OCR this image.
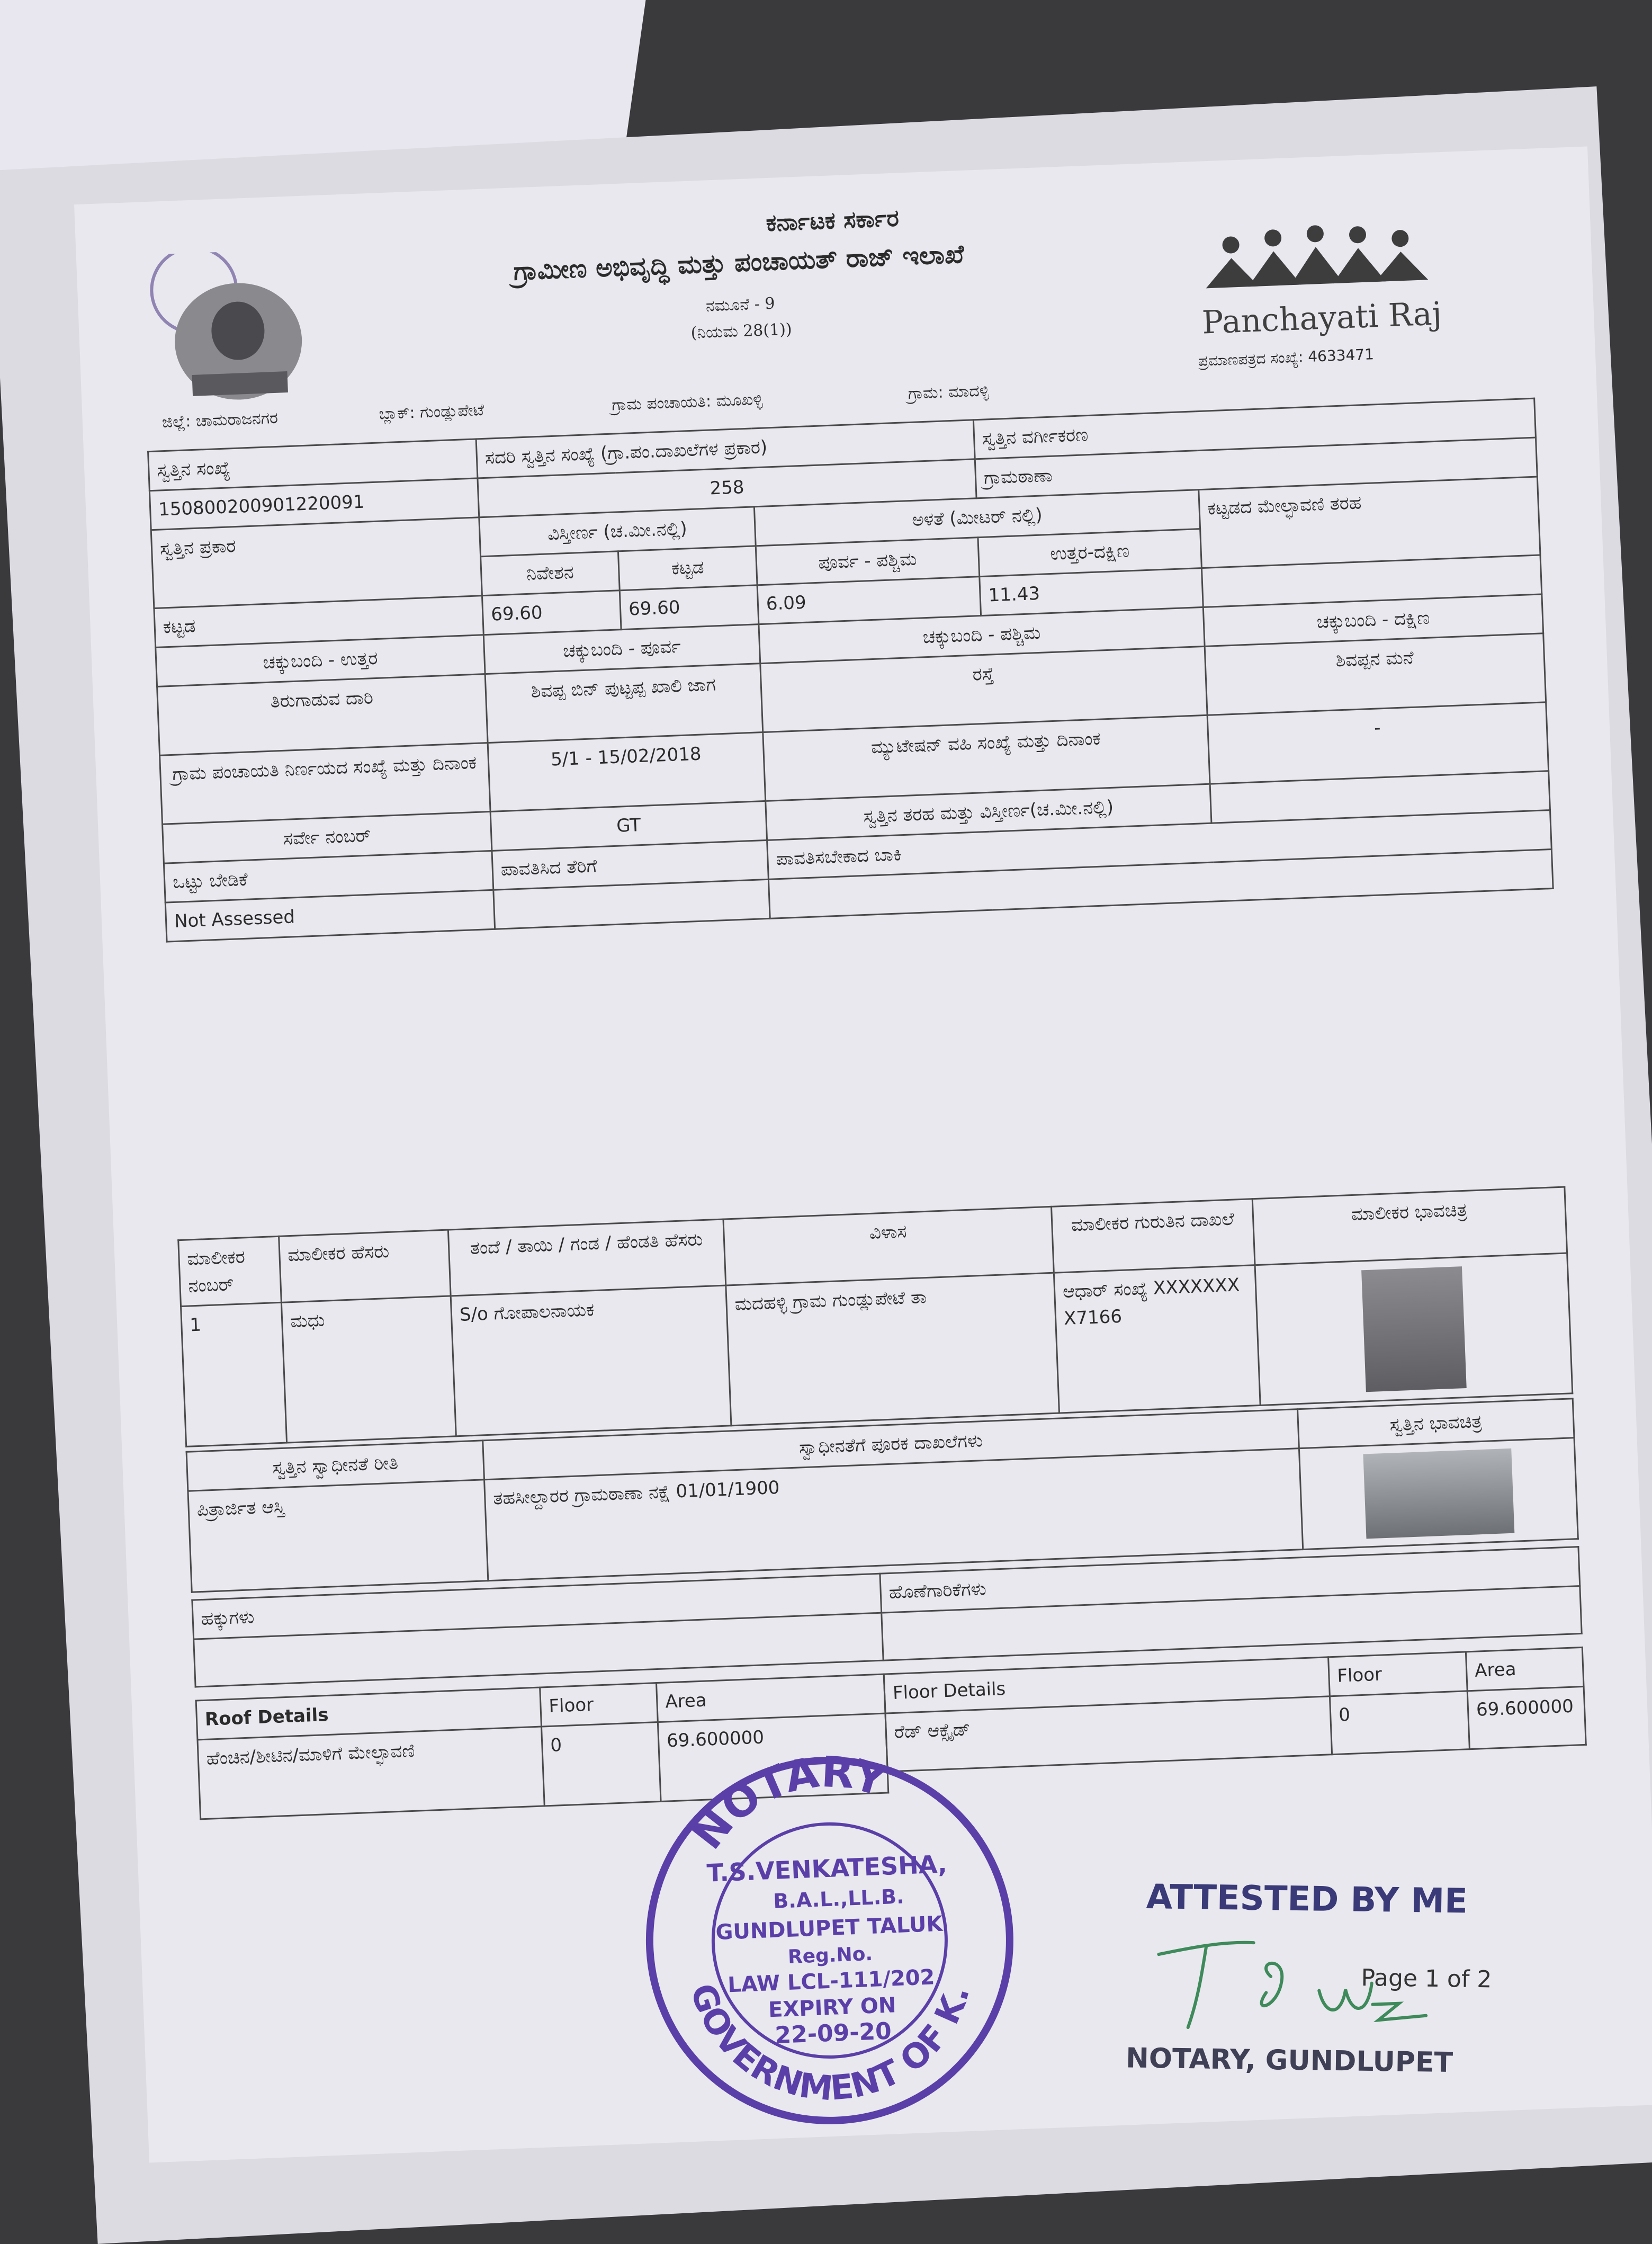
ಕರ್ನಾಟಕ ಸರ್ಕಾರ
ಗ್ರಾಮೀಣ ಅಭಿವೃದ್ಧಿ ಮತ್ತು ಪಂಚಾಯತ್ ರಾಜ್ ಇಲಾಖೆ
ನಮೂನೆ - 9
(ನಿಯಮ 28(1))	Panchayati Raj
ಪ್ರಮಾಣಪತ್ರದ ಸಂಖ್ಯೆ: 4633471
ಜಿಲ್ಲೆ: ಚಾಮರಾಜನಗರ	ಬ್ಲಾಕ್: ಗುಂಡ್ಲುಪೇಟೆ	ಗ್ರಾಮ ಪಂಚಾಯತಿ: ಮೂಖಳ್ಳಿ	ಗ್ರಾಮ: ಮಾದಳ್ಳಿ
ಸ್ವತ್ತಿನ ಸಂಖ್ಯೆ	ಸದರಿ ಸ್ವತ್ತಿನ ಸಂಖ್ಯೆ (ಗ್ರಾ.ಪಂ.ದಾಖಲೆಗಳ ಪ್ರಕಾರ)			ಸ್ವತ್ತಿನ ವರ್ಗೀಕರಣ	
150800200901220091	258			ಗ್ರಾಮಠಾಣಾ	
ಸ್ವತ್ತಿನ ಪ್ರಕಾರ	ವಿಸ್ತೀರ್ಣ (ಚ.ಮೀ.ನಲ್ಲಿ)		ಅಳತೆ (ಮೀಟರ್ ನಲ್ಲಿ)		ಕಟ್ಟಡದ ಮೇಲ್ಛಾವಣಿ ತರಹ
	ನಿವೇಶನ	ಕಟ್ಟಡ	ಪೂರ್ವ - ಪಶ್ಚಿಮ	ಉತ್ತರ-ದಕ್ಷಿಣ	
ಕಟ್ಟಡ	69.60	69.60	6.09	11.43	
ಚಕ್ಕುಬಂದಿ - ಉತ್ತರ	ಚಕ್ಕುಬಂದಿ - ಪೂರ್ವ		ಚಕ್ಕುಬಂದಿ - ಪಶ್ಚಿಮ		ಚಕ್ಕುಬಂದಿ - ದಕ್ಷಿಣ
ತಿರುಗಾಡುವ ದಾರಿ	ಶಿವಪ್ಪ ಬಿನ್ ಪುಟ್ಟಪ್ಪ ಖಾಲಿ ಜಾಗ		ರಸ್ತೆ		ಶಿವಪ್ಪನ ಮನೆ
ಗ್ರಾಮ ಪಂಚಾಯತಿ ನಿರ್ಣಯದ ಸಂಖ್ಯೆ ಮತ್ತು ದಿನಾಂಕ	5/1 - 15/02/2018		ಮ್ಯುಟೇಷನ್ ವಹಿ ಸಂಖ್ಯೆ ಮತ್ತು ದಿನಾಂಕ		-
ಸರ್ವೇ ನಂಬರ್	GT		ಸ್ವತ್ತಿನ ತರಹ ಮತ್ತು ವಿಸ್ತೀರ್ಣ(ಚ.ಮೀ.ನಲ್ಲಿ)		
ಒಟ್ಟು ಬೇಡಿಕೆ	ಪಾವತಿಸಿದ ತೆರಿಗೆ		ಪಾವತಿಸಬೇಕಾದ ಬಾಕಿ		
Not Assessed					
ಮಾಲೀಕರ ನಂಬರ್	ಮಾಲೀಕರ ಹೆಸರು	ತಂದೆ / ತಾಯಿ / ಗಂಡ / ಹೆಂಡತಿ ಹೆಸರು	ವಿಳಾಸ	ಮಾಲೀಕರ ಗುರುತಿನ ದಾಖಲೆ	ಮಾಲೀಕರ ಭಾವಚಿತ್ರ
1	ಮಧು	S/o ಗೋಪಾಲನಾಯಕ	ಮದಹಳ್ಳಿ ಗ್ರಾಮ ಗುಂಡ್ಲುಪೇಟೆ ತಾ	ಆಧಾರ್ ಸಂಖ್ಯೆ XXXXXXXX7166	
ಸ್ವತ್ತಿನ ಸ್ವಾಧೀನತೆ ರೀತಿ	ಸ್ವಾಧೀನತೆಗೆ ಪೂರಕ ದಾಖಲೆಗಳು	ಸ್ವತ್ತಿನ ಭಾವಚಿತ್ರ
ಪಿತ್ರಾರ್ಜಿತ ಆಸ್ತಿ	ತಹಸೀಲ್ದಾರರ ಗ್ರಾಮಠಾಣಾ ನಕ್ಷೆ 01/01/1900	
ಹಕ್ಕುಗಳು	ಹೊಣೆಗಾರಿಕೆಗಳು

Roof Details	Floor	Area
ಹೆಂಚಿನ/ಶೀಟಿನ/ಮಾಳಿಗೆ ಮೇಲ್ಛಾವಣಿ	0	69.600000
Floor Details	Floor	Area
ರೆಡ್ ಆಕ್ಸೈಡ್	0	69.600000
NOTARY
GOVERNMENT OF K.
T.S.VENKATESHA,
B.A.L.,LL.B.
GUNDLUPET TALUK
Reg.No.
LAW LCL-111/202
EXPIRY ON
22-09-20
ATTESTED BY ME
Page 1 of 2
NOTARY, GUNDLUPET
